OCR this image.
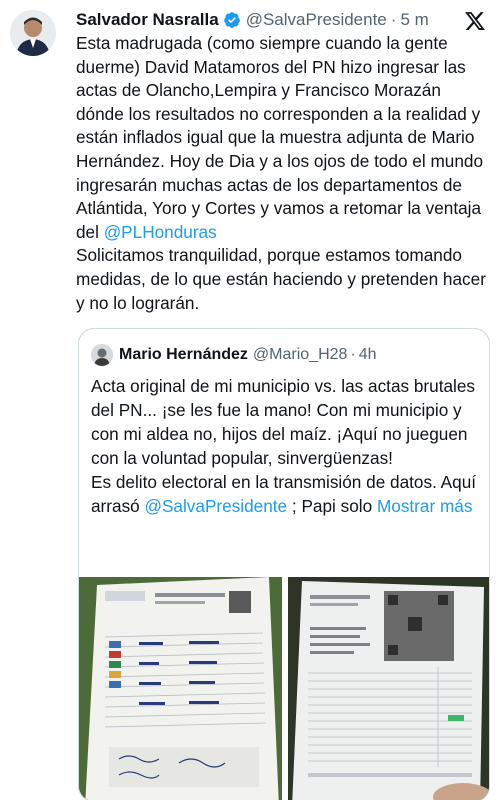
Salvador Nasralla @SalvaPresidente · 5 m
Esta madrugada (como siempre cuando la gente duerme) David Matamoros del PN hizo ingresar las actas de Olancho,Lempira y Francisco Morazán dónde los resultados no corresponden a la realidad y están inflados igual que la muestra adjunta de Mario Hernández. Hoy de Dia y a los ojos de todo el mundo ingresarán muchas actas de los departamentos de Atlántida, Yoro y Cortes y vamos a retomar la ventaja del @PLHonduras
Solicitamos tranquilidad, porque estamos tomando medidas, de lo que están haciendo y pretenden hacer y no lo lograrán.
Mario Hernández @Mario_H28 · 4h
Acta original de mi municipio vs. las actas brutales del PN... ¡se les fue la mano! Con mi municipio y con mi aldea no, hijos del maíz. ¡Aquí no jueguen con la voluntad popular, sinvergüenzas!
Es delito electoral en la transmisión de datos. Aquí arrasó @SalvaPresidente ; Papi solo Mostrar más
